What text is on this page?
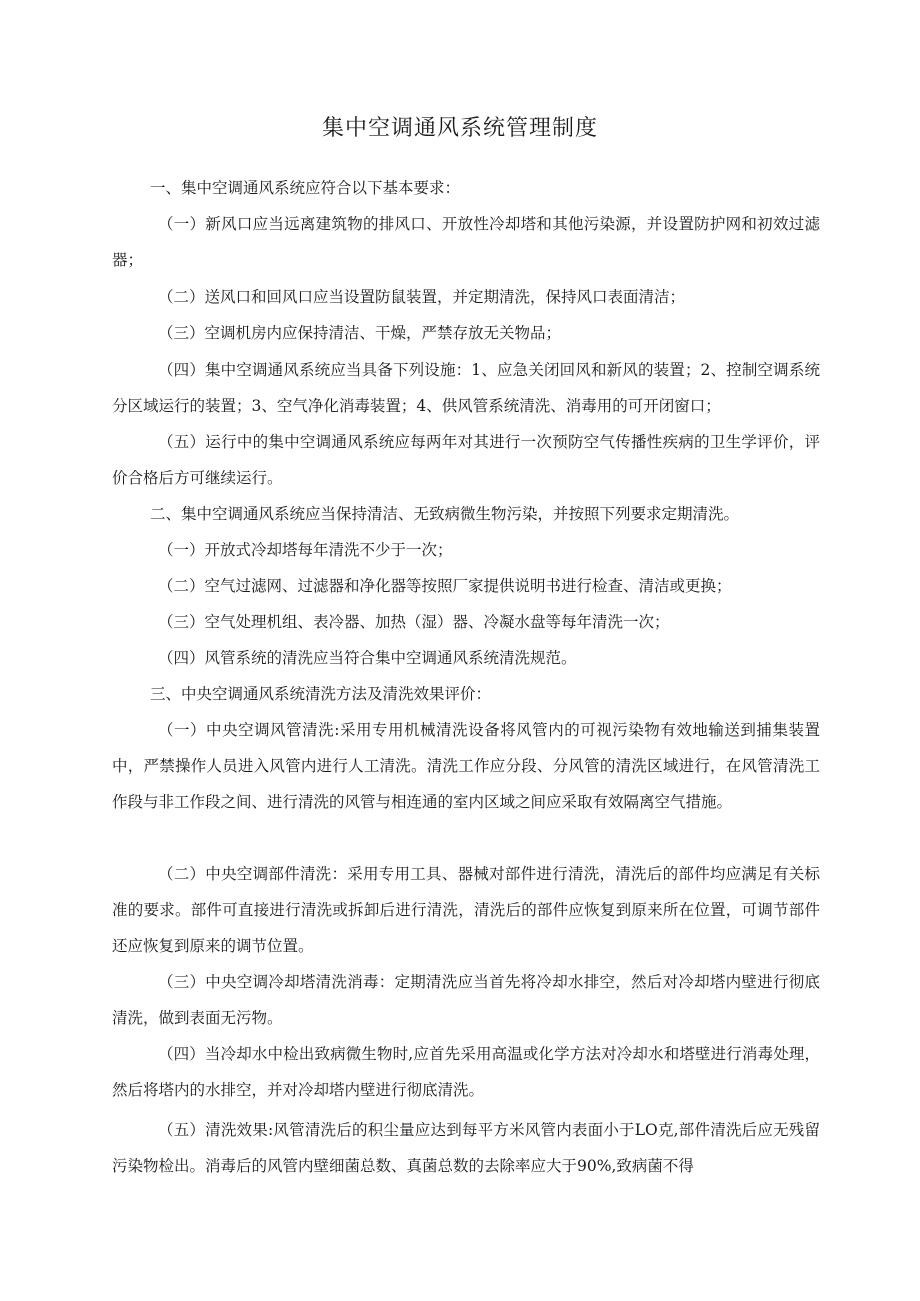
集中空调通风系统管理制度

一、集中空调通风系统应符合以下基本要求：

（一）新风口应当远离建筑物的排风口、开放性冷却塔和其他污染源，并设置防护网和初效过滤器；

（二）送风口和回风口应当设置防鼠装置，并定期清洗，保持风口表面清洁；

（三）空调机房内应保持清洁、干燥，严禁存放无关物品；

（四）集中空调通风系统应当具备下列设施：1、应急关闭回风和新风的装置；2、控制空调系统分区域运行的装置；3、空气净化消毒装置；4、供风管系统清洗、消毒用的可开闭窗口；

（五）运行中的集中空调通风系统应每两年对其进行一次预防空气传播性疾病的卫生学评价，评价合格后方可继续运行。

二、集中空调通风系统应当保持清洁、无致病微生物污染，并按照下列要求定期清洗。

（一）开放式冷却塔每年清洗不少于一次；

（二）空气过滤网、过滤器和净化器等按照厂家提供说明书进行检查、清洁或更换；

（三）空气处理机组、表冷器、加热（湿）器、冷凝水盘等每年清洗一次；

（四）风管系统的清洗应当符合集中空调通风系统清洗规范。

三、中央空调通风系统清洗方法及清洗效果评价：

（一）中央空调风管清洗:采用专用机械清洗设备将风管内的可视污染物有效地输送到捕集装置中，严禁操作人员进入风管内进行人工清洗。清洗工作应分段、分风管的清洗区域进行，在风管清洗工作段与非工作段之间、进行清洗的风管与相连通的室内区域之间应采取有效隔离空气措施。

（二）中央空调部件清洗：采用专用工具、器械对部件进行清洗，清洗后的部件均应满足有关标准的要求。部件可直接进行清洗或拆卸后进行清洗，清洗后的部件应恢复到原来所在位置，可调节部件还应恢复到原来的调节位置。

（三）中央空调冷却塔清洗消毒：定期清洗应当首先将冷却水排空，然后对冷却塔内壁进行彻底清洗，做到表面无污物。

（四）当冷却水中检出致病微生物时,应首先采用高温或化学方法对冷却水和塔壁进行消毒处理，然后将塔内的水排空，并对冷却塔内壁进行彻底清洗。

（五）清洗效果:风管清洗后的积尘量应达到每平方米风管内表面小于LO克,部件清洗后应无残留污染物检出。消毒后的风管内壁细菌总数、真菌总数的去除率应大于90%,致病菌不得
